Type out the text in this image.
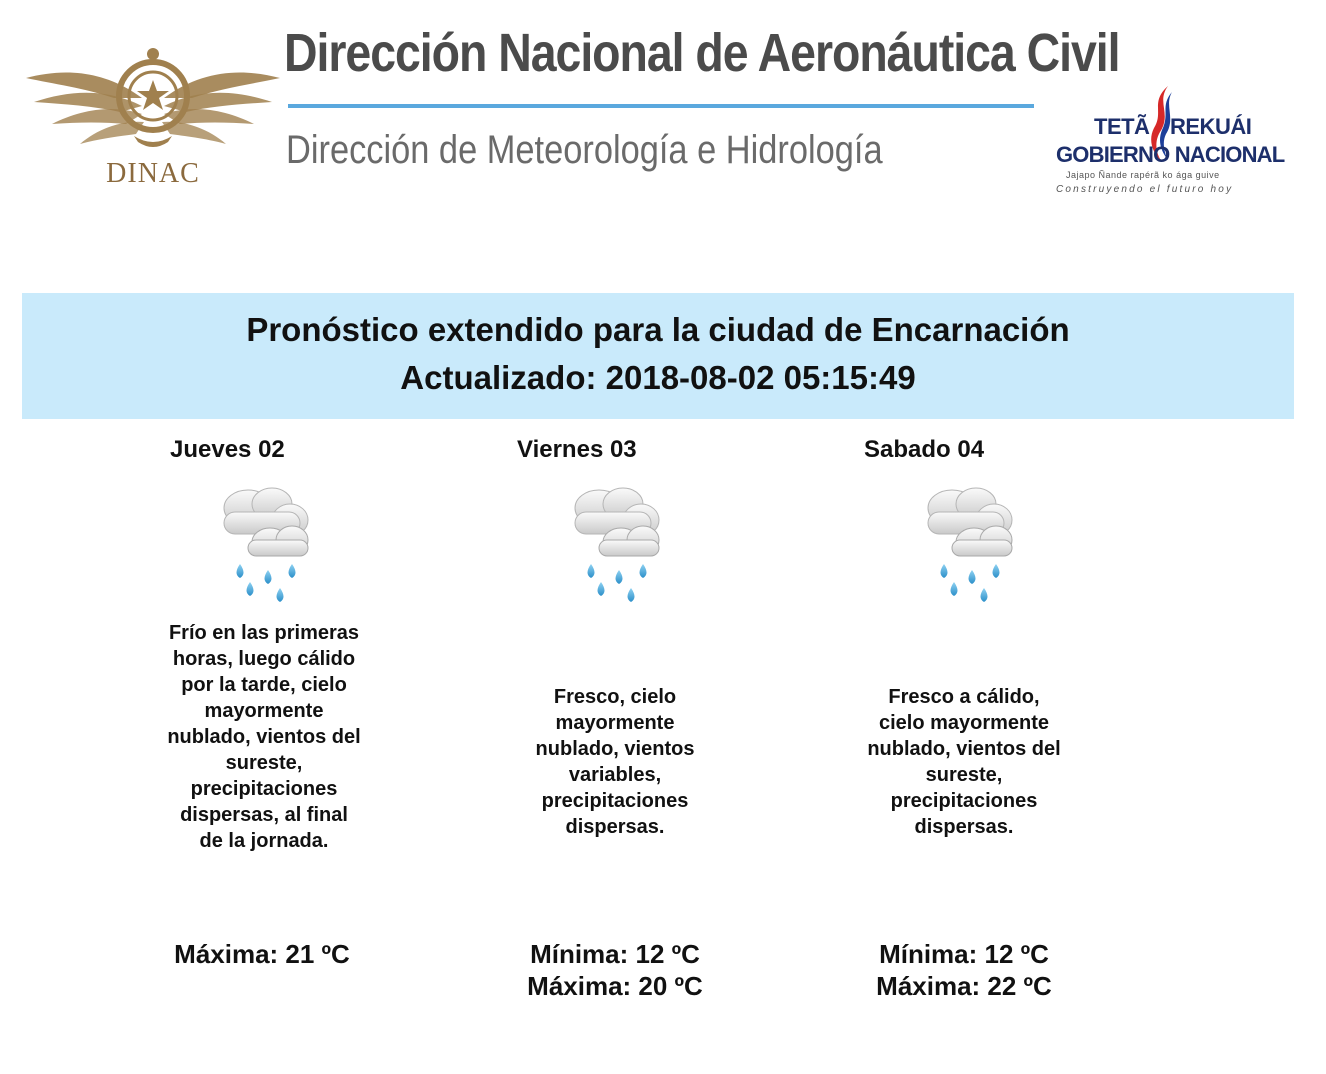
DINAC
Dirección Nacional de Aeronáutica Civil
Dirección de Meteorología e Hidrología
TETÃ REKUÁI
GOBIERNO NACIONAL
Jajapo Ñande rapérã ko ága guive
Construyendo el futuro hoy
Pronóstico extendido para la ciudad de Encarnación
Actualizado: 2018-08-02 05:15:49
Jueves 02
Frío en las primeras horas, luego cálido por la tarde, cielo mayormente nublado, vientos del sureste, precipitaciones dispersas, al final de la jornada.
Máxima: 21 ºC
Viernes 03
Fresco, cielo mayormente nublado, vientos variables, precipitaciones dispersas.
Mínima: 12 ºC
Máxima: 20 ºC
Sabado 04
Fresco a cálido, cielo mayormente nublado, vientos del sureste, precipitaciones dispersas.
Mínima: 12 ºC
Máxima: 22 ºC
